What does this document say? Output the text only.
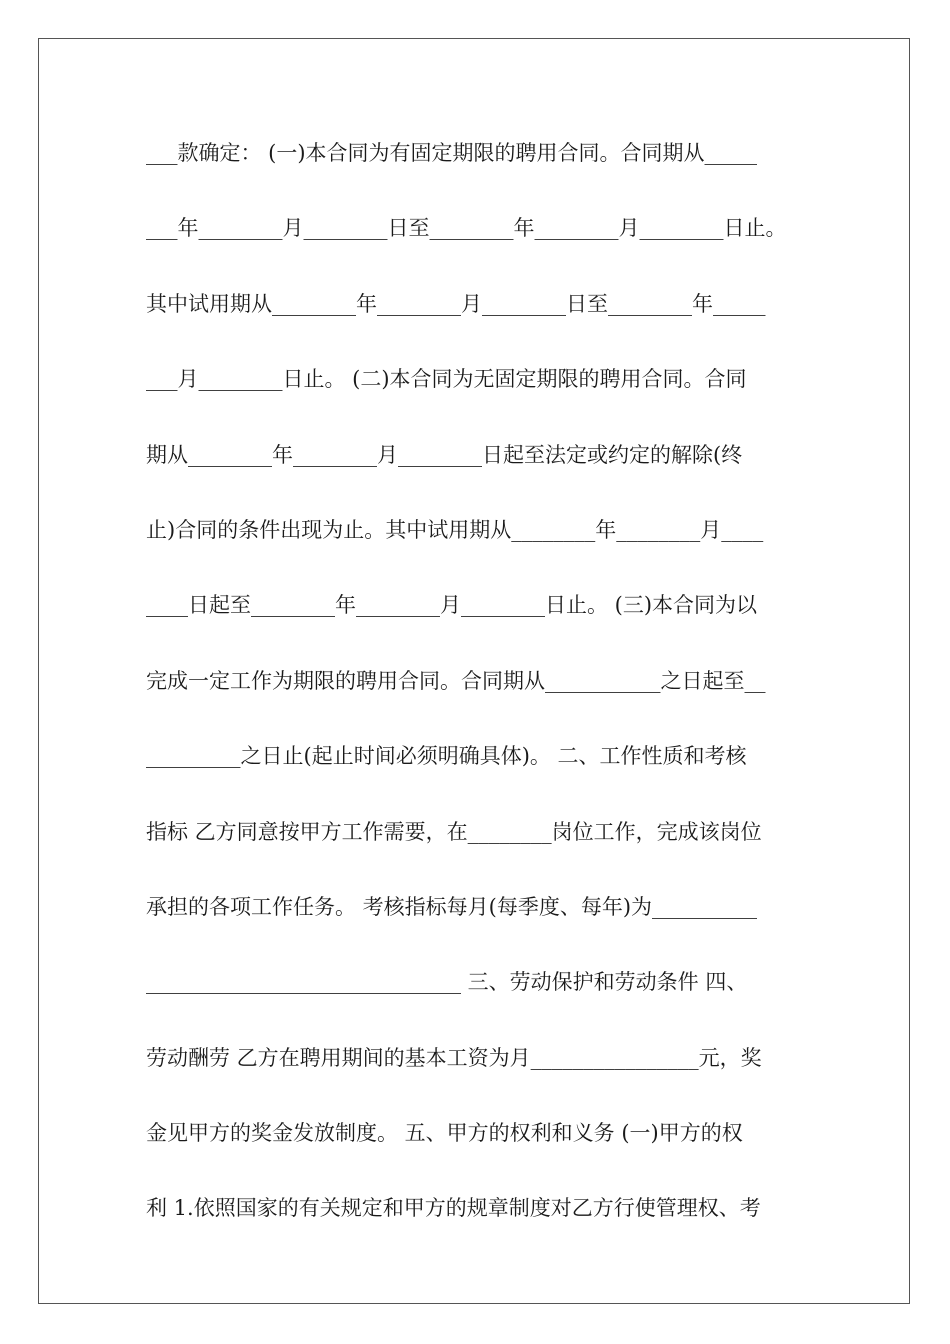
___款确定： (一)本合同为有固定期限的聘用合同。合同期从_____
___年________月________日至________年________月________日止。
其中试用期从________年________月________日至________年_____
___月________日止。 (二)本合同为无固定期限的聘用合同。合同
期从________年________月________日起至法定或约定的解除(终
止)合同的条件出现为止。其中试用期从________年________月____
____日起至________年________月________日止。 (三)本合同为以
完成一定工作为期限的聘用合同。合同期从___________之日起至__
_________之日止(起止时间必须明确具体)。 二、工作性质和考核
指标 乙方同意按甲方工作需要，在________岗位工作，完成该岗位
承担的各项工作任务。 考核指标每月(每季度、每年)为__________
______________________________ 三、劳动保护和劳动条件 四、
劳动酬劳 乙方在聘用期间的基本工资为月________________元，奖
金见甲方的奖金发放制度。 五、甲方的权利和义务 (一)甲方的权
利 1.依照国家的有关规定和甲方的规章制度对乙方行使管理权、考
